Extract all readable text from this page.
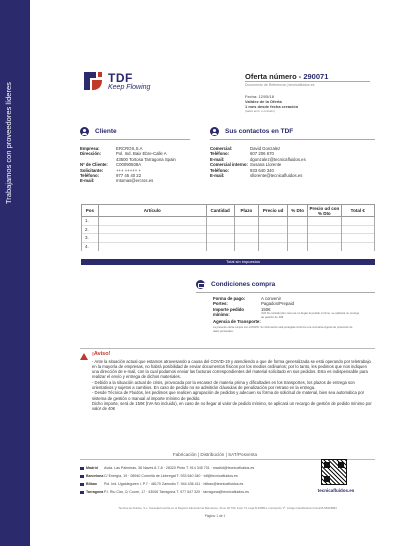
Trabajamos con proveedores líderes
TDF
Keep Flowing
Oferta número - 290071
Documento de Referencia | tecnicafluidos.es
Fecha: 12/05/18
Validez de la Oferta
1 mes desde fecha creación
(salvo error u omisión)
Cliente
Empresa:	ERCROS,S.A
Dirección:	Pol. Ind. Baix Ebre-Calle A
43500 Tortosa Tarragona Spain
Nº de Cliente:	C00090508A
Solicitante:	+++ +++++ +
Teléfono:	977 45 40 22
E-mail:	mtomas@ercros.es
Sus contactos en TDF
Comercial:	David Gonzalez
Teléfono:	607 206 670
E-mail:	dgonzalez@tecnicafluidos.es
Comercial interno: Susana Llorente
Teléfono:	933 640 340
E-mail:	sllorente@tecnicafluidos.es
Pos	Artículo	Cantidad	Plazo	Precio ud	% Dto	Precio ud con % Dto	Total €
1.							
2.							
3.							
4.							
Total sin impuestos
Condiciones compra
Forma de pago:	A convenir
Portes:	Pagados/Prepaid
Importe pedido mínimo:
150€
(IVA No incluido) En caso de no llegar al pedido mínimo, se aplicará un recargo de gestión de 40€
Agencia de Transporte:
La presente oferta cumple con el RGPD. Su información está protegida conforme a la normativa vigente de protección de datos personales.
¡Aviso!

- Ante la situación actual que estamos atravesando a causa del COVID-19 y atendiendo a que de forma generalizada se está operando por teletrabajo en la mayoría de empresas, no habrá posibilidad de enviar documentos físicos por los medios ordinarios; por lo tanto, les pedimos que nos indiquen una dirección de e-mail, con la cual podamos enviar las facturas correspondientes del material solicitado en sus pedidos. Esto es indispensable para realizar el envío y entrega de dichos materiales.

- Debido a la situación actual de crisis, provocada por la escasez de materia prima y dificultades en los transportes, los plazos de entrega son orientativos y sujetos a cambios. En caso de pedido no se admitirán cláusulas de penalización por retraso en la entrega.

- Desde Técnica de Fluidos, les pedimos que realicen agrupación de pedidos y adecuen su forma de solicitud de material, bien sea automática por sistema de gestión o manual al importe mínimo de pedido.

Dicho importe, será de 150€ (IVA No incluido), en caso de no llegar al valor de pedido mínimo, se aplicará un recargo de gestión de pedido mínimo por valor de 40€

Fabricación | Distribución | SAT/Posventa
Madrid	Avda. Las Palmeras, 36 Naves 6-7-8 · 28320 Pinto T. 914 345 701 · madrid@tecnicafluidos.es
Barcelona C/ Energía, 19 · 08940 Cornellà de Llobregat T. 933 640 340 · tdf@tecnicafluidos.es
Bilbao	Pol. Ind. Ugaldeguren I, P.7 · 48170 Zamudio T. 944 436 411 · bilbao@tecnicafluidos.es
Tarragona P.I. Riu Clar, C/ Coure, 17 · 43006 Tarragona T. 977 547 320 · tarragona@tecnicafluidos.es	tecnicafluidos.es
Técnica de Fluidos, S.L. Sociedad inscrita en el Registro Mercantil de Barcelona, Tomo 30.790, Folio 73, Hoja B-180811, Inscripción 1ª. Código Identificación Fiscal B-58418893
Página: 1 de 1
